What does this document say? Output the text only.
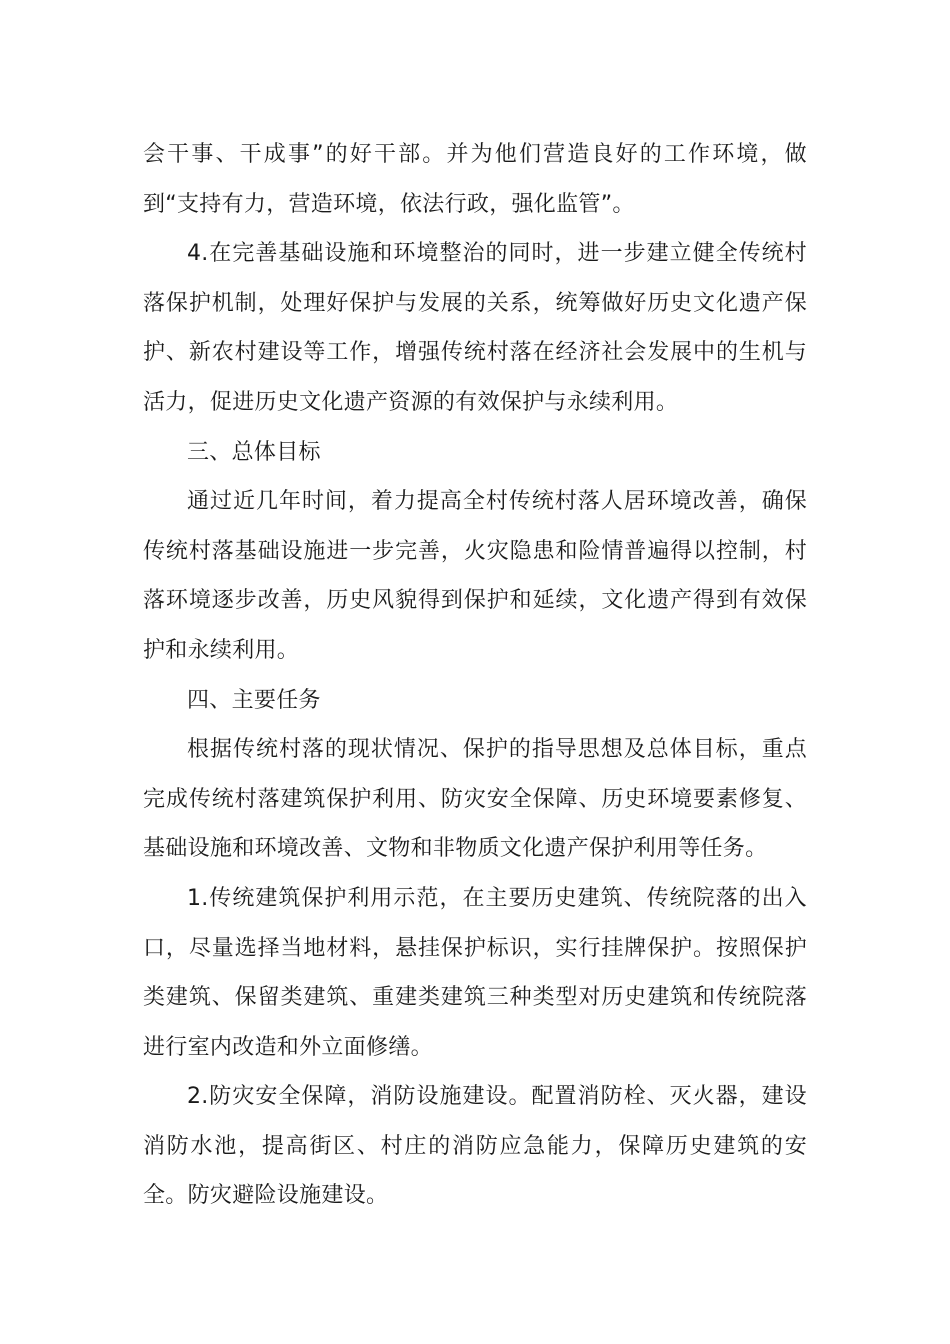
会干事、干成事”的好干部。并为他们营造良好的工作环境，做到“支持有力，营造环境，依法行政，强化监管”。

4.在完善基础设施和环境整治的同时，进一步建立健全传统村落保护机制，处理好保护与发展的关系，统筹做好历史文化遗产保护、新农村建设等工作，增强传统村落在经济社会发展中的生机与活力，促进历史文化遗产资源的有效保护与永续利用。

三、总体目标

通过近几年时间，着力提高全村传统村落人居环境改善，确保传统村落基础设施进一步完善，火灾隐患和险情普遍得以控制，村落环境逐步改善，历史风貌得到保护和延续，文化遗产得到有效保护和永续利用。

四、主要任务

根据传统村落的现状情况、保护的指导思想及总体目标，重点完成传统村落建筑保护利用、防灾安全保障、历史环境要素修复、基础设施和环境改善、文物和非物质文化遗产保护利用等任务。

1.传统建筑保护利用示范，在主要历史建筑、传统院落的出入口，尽量选择当地材料，悬挂保护标识，实行挂牌保护。按照保护类建筑、保留类建筑、重建类建筑三种类型对历史建筑和传统院落进行室内改造和外立面修缮。

2.防灾安全保障，消防设施建设。配置消防栓、灭火器，建设消防水池，提高街区、村庄的消防应急能力，保障历史建筑的安全。防灾避险设施建设。
